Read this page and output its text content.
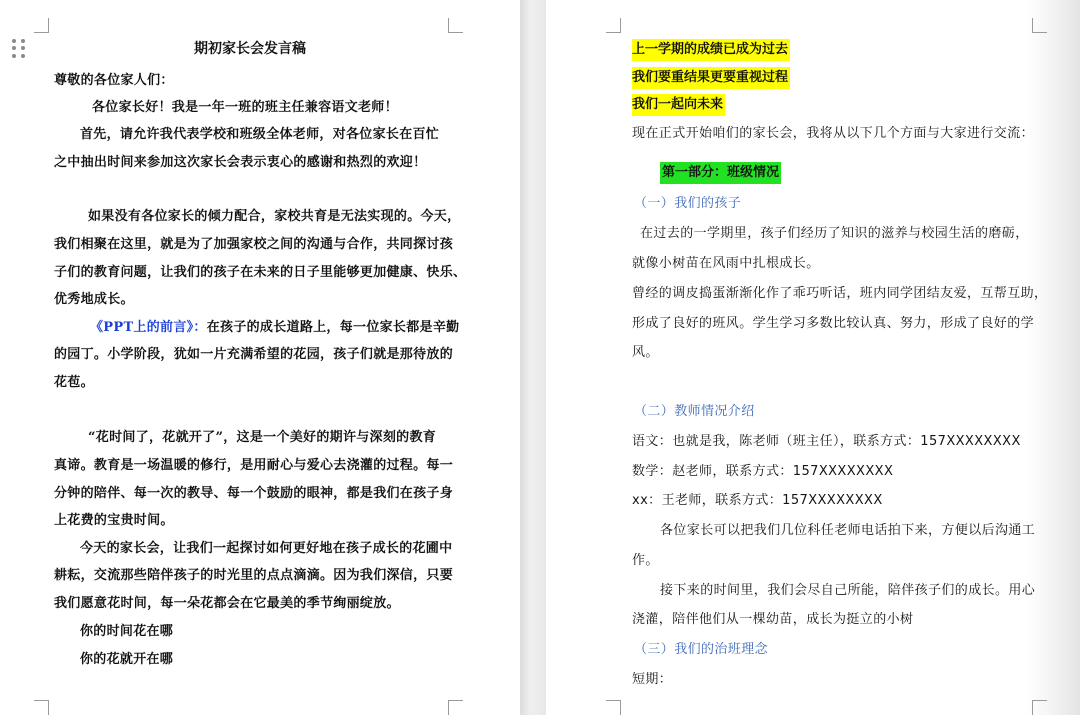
期初家长会发言稿
尊敬的各位家人们：
各位家长好！我是一年一班的班主任兼容语文老师！
首先，请允许我代表学校和班级全体老师，对各位家长在百忙
之中抽出时间来参加这次家长会表示衷心的感谢和热烈的欢迎！
如果没有各位家长的倾力配合，家校共育是无法实现的。今天，
我们相聚在这里，就是为了加强家校之间的沟通与合作，共同探讨孩
子们的教育问题，让我们的孩子在未来的日子里能够更加健康、快乐、
优秀地成长。
《PPT上的前言》：在孩子的成长道路上，每一位家长都是辛勤
的园丁。小学阶段，犹如一片充满希望的花园，孩子们就是那待放的
花苞。
“花时间了，花就开了”，这是一个美好的期许与深刻的教育
真谛。教育是一场温暖的修行，是用耐心与爱心去浇灌的过程。每一
分钟的陪伴、每一次的教导、每一个鼓励的眼神，都是我们在孩子身
上花费的宝贵时间。
今天的家长会，让我们一起探讨如何更好地在孩子成长的花圃中
耕耘，交流那些陪伴孩子的时光里的点点滴滴。因为我们深信，只要
我们愿意花时间，每一朵花都会在它最美的季节绚丽绽放。
你的时间花在哪
你的花就开在哪
上一学期的成绩已成为过去
我们要重结果更要重视过程
我们一起向未来
现在正式开始咱们的家长会，我将从以下几个方面与大家进行交流：
第一部分：班级情况
（一）我们的孩子
在过去的一学期里，孩子们经历了知识的滋养与校园生活的磨砺，
就像小树苗在风雨中扎根成长。
曾经的调皮捣蛋渐渐化作了乖巧听话，班内同学团结友爱，互帮互助，
形成了良好的班风。学生学习多数比较认真、努力，形成了良好的学
风。
（二）教师情况介绍
语文：也就是我，陈老师（班主任），联系方式：157XXXXXXXX
数学：赵老师，联系方式：157XXXXXXXX
xx：王老师，联系方式：157XXXXXXXX
各位家长可以把我们几位科任老师电话拍下来，方便以后沟通工
作。
接下来的时间里，我们会尽自己所能，陪伴孩子们的成长。用心
浇灌，陪伴他们从一棵幼苗，成长为挺立的小树
（三）我们的治班理念
短期：
